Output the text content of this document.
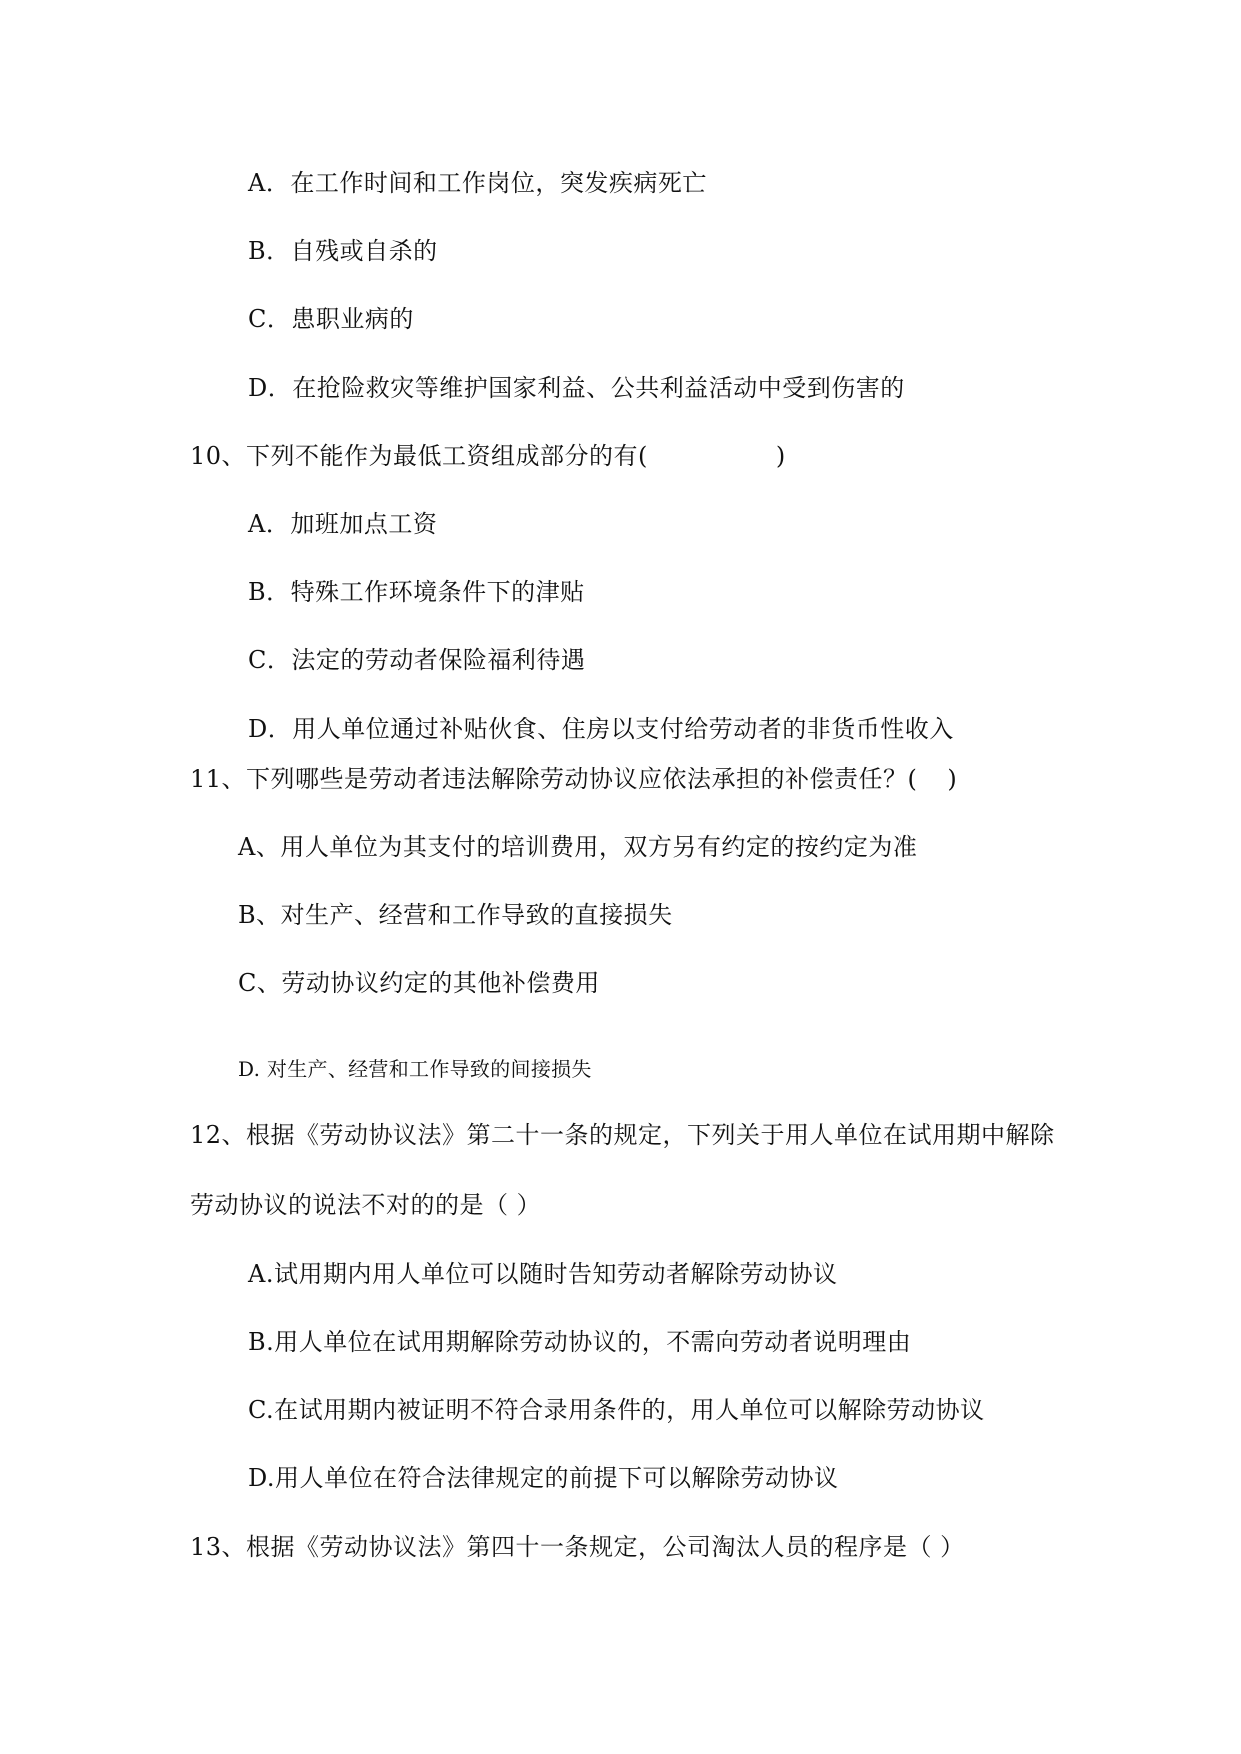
A．在工作时间和工作岗位，突发疾病死亡
B．自残或自杀的
C．患职业病的
D．在抢险救灾等维护国家利益、公共利益活动中受到伤害的
10、下列不能作为最低工资组成部分的有(	)
A．加班加点工资
B．特殊工作环境条件下的津贴
C．法定的劳动者保险福利待遇
D．用人单位通过补贴伙食、住房以支付给劳动者的非货币性收入
11、下列哪些是劳动者违法解除劳动协议应依法承担的补偿责任？( )
A、用人单位为其支付的培训费用，双方另有约定的按约定为准
B、对生产、经营和工作导致的直接损失
C、劳动协议约定的其他补偿费用
D. 对生产、经营和工作导致的间接损失
12、根据《劳动协议法》第二十一条的规定，下列关于用人单位在试用期中解除
劳动协议的说法不对的的是（ ）
A.试用期内用人单位可以随时告知劳动者解除劳动协议
B.用人单位在试用期解除劳动协议的，不需向劳动者说明理由
C.在试用期内被证明不符合录用条件的，用人单位可以解除劳动协议
D.用人单位在符合法律规定的前提下可以解除劳动协议
13、根据《劳动协议法》第四十一条规定，公司淘汰人员的程序是（ ）
